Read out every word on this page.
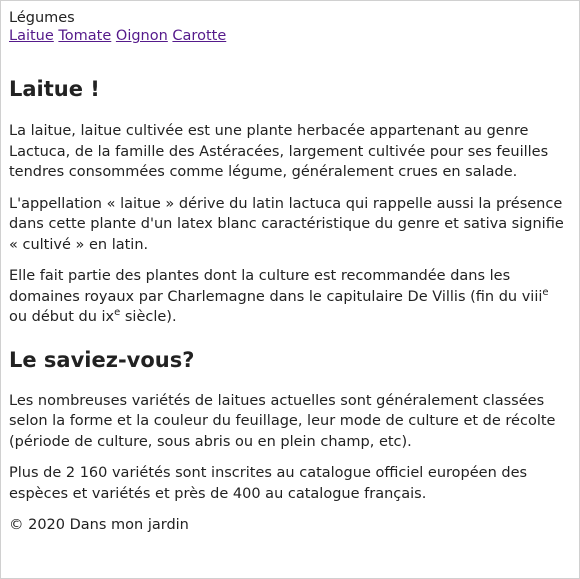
Légumes
Laitue Tomate Oignon Carotte
Laitue !

La laitue, laitue cultivée est une plante herbacée appartenant au genre Lactuca, de la famille des Astéracées, largement cultivée pour ses feuilles tendres consommées comme légume, généralement crues en salade.

L'appellation « laitue » dérive du latin lactuca qui rappelle aussi la présence dans cette plante d'un latex blanc caractéristique du genre et sativa signifie « cultivé » en latin.

Elle fait partie des plantes dont la culture est recommandée dans les domaines royaux par Charlemagne dans le capitulaire De Villis (fin du viii$^e$ ou début du $ix^e$ siècle).

Le saviez-vous?

Les nombreuses variétés de laitues actuelles sont généralement classées selon la forme et la couleur du feuillage, leur mode de culture et de récolte (période de culture, sous abris ou en plein champ, etc).

Plus de 2 160 variétés sont inscrites au catalogue officiel européen des espèces et variétés et près de 400 au catalogue français.

© 2020 Dans mon jardin
